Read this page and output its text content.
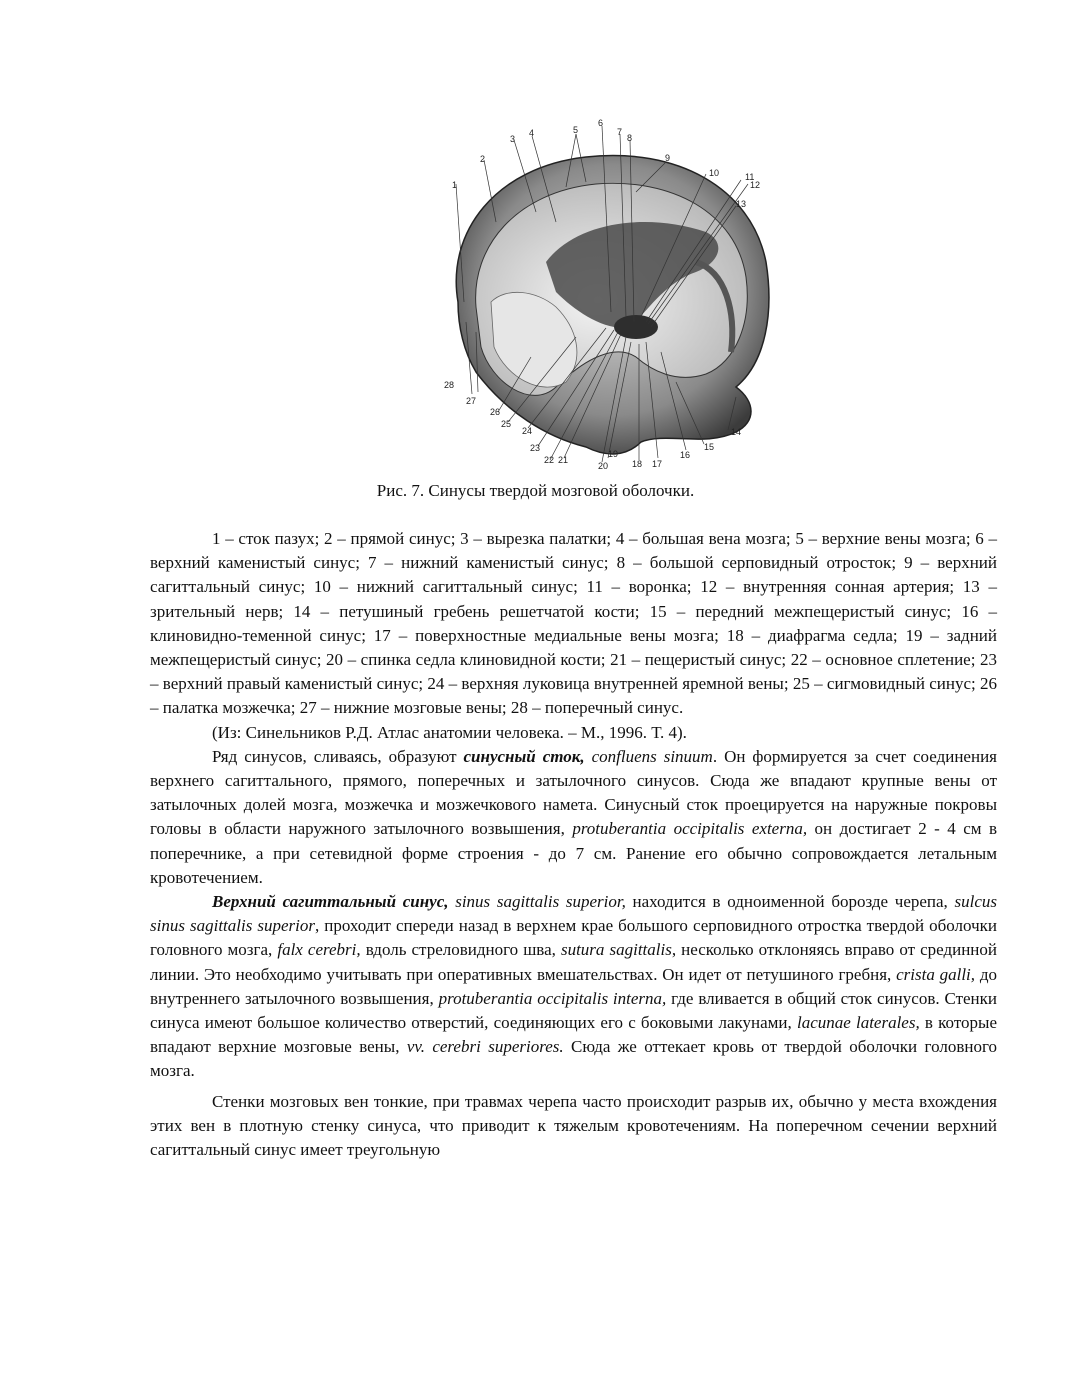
1
2
3
4	5
6
7
8
9
10	11
12
13
14
15
16
17
18
19
20
21
22
23
24
25
26
27
28
Рис. 7. Синусы твердой мозговой оболочки.

1 – сток пазух; 2 – прямой синус; 3 – вырезка палатки; 4 – большая вена мозга; 5 – верхние вены мозга; 6 – верхний каменистый синус; 7 – нижний каменистый синус; 8 – большой серповидный отросток; 9 – верхний сагиттальный синус; 10 – нижний сагиттальный синус; 11 – воронка; 12 – внутренняя сонная артерия; 13 – зрительный нерв; 14 – петушиный гребень решетчатой кости; 15 – передний межпещеристый синус; 16 – клиновидно-теменной синус; 17 – поверхностные медиальные вены мозга; 18 – диафрагма седла; 19 – задний межпещеристый синус; 20 – спинка седла клиновидной кости; 21 – пещеристый синус; 22 – основное сплетение; 23 – верхний правый каменистый синус; 24 – верхняя луковица внутренней яремной вены; 25 – сигмовидный синус; 26 – палатка мозжечка; 27 – нижние мозговые вены; 28 – поперечный синус.

(Из: Синельников Р.Д. Атлас анатомии человека. – М., 1996. Т. 4).

Ряд синусов, сливаясь, образуют синусный сток, confluens sinuum. Он формируется за счет соединения верхнего сагиттального, прямого, поперечных и затылочного синусов. Сюда же впадают крупные вены от затылочных долей мозга, мозжечка и мозжечкового намета. Синусный сток проецируется на наружные покровы головы в области наружного затылочного возвышения, protuberantia occipitalis externa, он достигает 2 - 4 см в поперечнике, а при сетевидной форме строения - до 7 см. Ранение его обычно сопровождается летальным кровотечением.

Верхний сагиттальный синус, sinus sagittalis superior, находится в одноименной борозде черепа, sulcus sinus sagittalis superior, проходит спереди назад в верхнем крае большого серповидного отростка твердой оболочки головного мозга, falx cerebri, вдоль стреловидного шва, sutura sagittalis, несколько отклоняясь вправо от срединной линии. Это необходимо учитывать при оперативных вмешательствах. Он идет от петушиного гребня, crista galli, до внутреннего затылочного возвышения, protuberantia occipitalis interna, где вливается в общий сток синусов. Стенки синуса имеют большое количество отверстий, соединяющих его с боковыми лакунами, lacunae laterales, в которые впадают верхние мозговые вены, vv. cerebri superiores. Сюда же оттекает кровь от твердой оболочки головного мозга.

Стенки мозговых вен тонкие, при травмах черепа часто происходит разрыв их, обычно у места вхождения этих вен в плотную стенку синуса, что приводит к тяжелым кровотечениям. На поперечном сечении верхний сагиттальный синус имеет треугольную
